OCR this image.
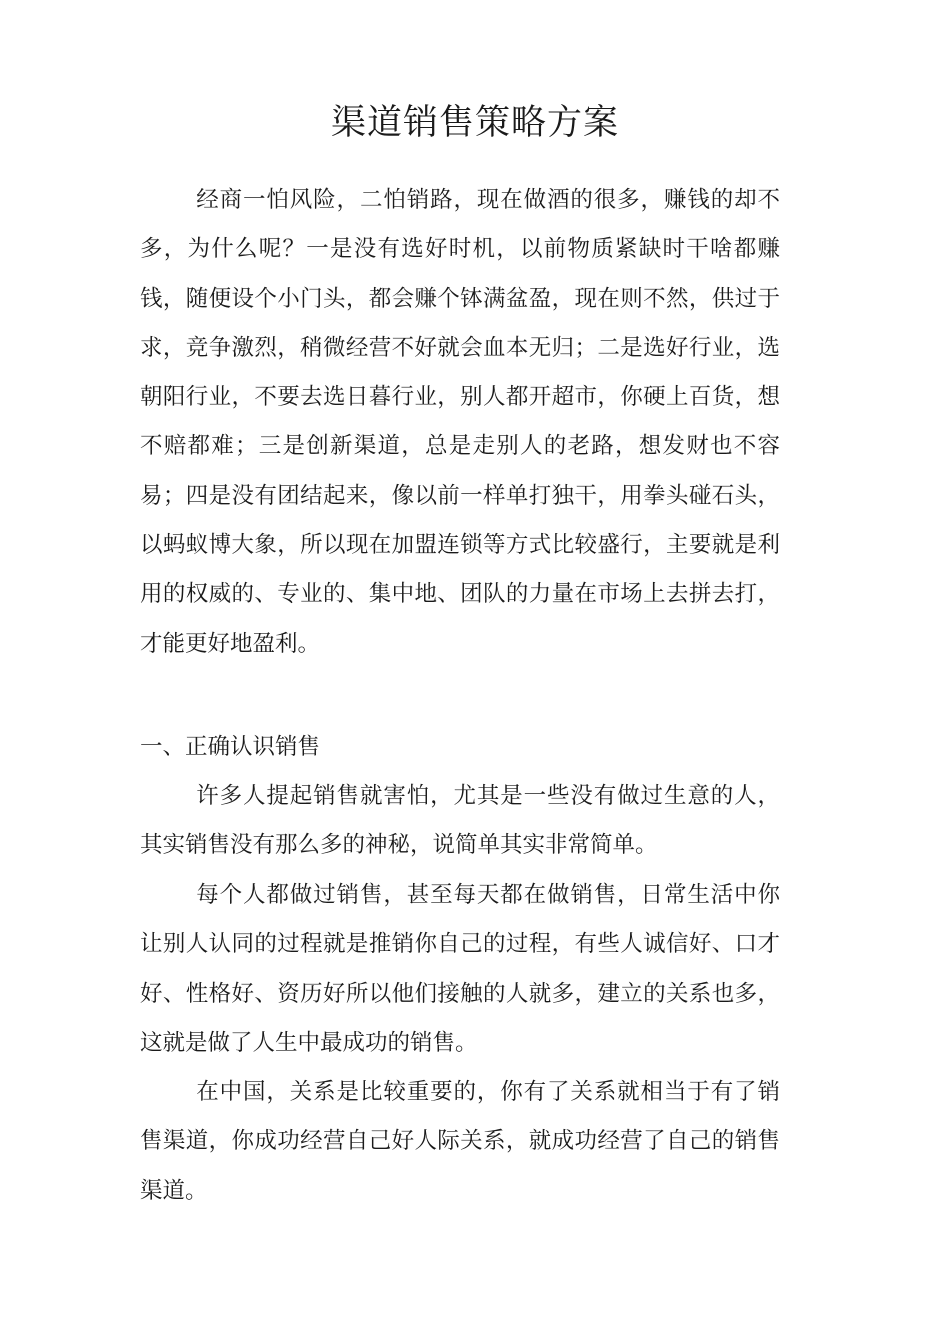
渠道销售策略方案

经商一怕风险，二怕销路，现在做酒的很多，赚钱的却不多，为什么呢？一是没有选好时机，以前物质紧缺时干啥都赚钱，随便设个小门头，都会赚个钵满盆盈，现在则不然，供过于求，竞争激烈，稍微经营不好就会血本无归；二是选好行业，选朝阳行业，不要去选日暮行业，别人都开超市，你硬上百货，想不赔都难；三是创新渠道，总是走别人的老路，想发财也不容易；四是没有团结起来，像以前一样单打独干，用拳头碰石头，以蚂蚁博大象，所以现在加盟连锁等方式比较盛行，主要就是利用的权威的、专业的、集中地、团队的力量在市场上去拼去打，才能更好地盈利。

一、正确认识销售

许多人提起销售就害怕，尤其是一些没有做过生意的人，其实销售没有那么多的神秘，说简单其实非常简单。

每个人都做过销售，甚至每天都在做销售，日常生活中你让别人认同的过程就是推销你自己的过程，有些人诚信好、口才好、性格好、资历好所以他们接触的人就多，建立的关系也多，这就是做了人生中最成功的销售。

在中国，关系是比较重要的，你有了关系就相当于有了销售渠道，你成功经营自己好人际关系，就成功经营了自己的销售渠道。
